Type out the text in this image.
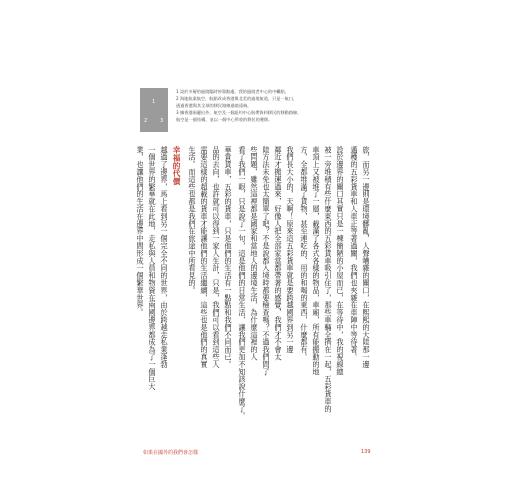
1
2	3
1 設於多層的過境臨時停靠點處，我的過境者中心的中繼點。
2 海地航業航空，航點改成香港與北美的過境航道，只是一航口，
通過香港與其全球的移民路線過境遠端，
3 據香港兩邊出外，航空及一個紐約中心航帶資料移民的移動路線，
航空是一個結構，並以一個中心所收的移民的遷移。
旅，而另一邊則是環境髒亂，人聲嘈雜的關口，在熙熙的大陸那一邊
邁穫的五彩貨車和人車正等著過關，我們也夾雜在車陣中等待著。
設於邊界的關口其實只是一棟簡陋的小屋而已，在等待中，我的視線總
被一旁堆積有些什麼東西的五彩貨車吸引住了，那些車輛全擠在一起，五彩貨車的
車頂上又被堆了一層，載滿了各式各樣的物品，車廂，所有能搬動的地
方，全都堆滿了貨物，甚至連吃的、用的和喝的東西，什麼都有。
我們長大小的，天啊！原來這五彩貨車就是要跨越國界到另一邊
鄰近才搬運過來，好像人把全部家當都帶著的感覺，我們才不會太
陸方法未免也太簡單了吧？不是說都入境時都要檢查嗎？不過我們問了
些問題，雖然這裡都是國家和當地人的邊境生活，為什麼這裡的人
看了我們一眼，只是說了一句，這是他們的日常生活，讓我們更加不知該說什麼了。
華貴貨車，五彩的貨車，只是他們的生活有一點點和我們不同而已。
品的去向，也許就可以得到一家人生計，只是，我們可以看到這些人
需要這樣的超載的貨車才能讓他們的生活繼續，這些也是他們的真實
生活。而這些也都是我們在旅途中所看見的。
幸福的代價
越過了邊界，馬上看到另一個完全不同的世界，由於跨越走私業蓬勃
一個世界的繁華就在此地，走私與人員和物資在兩國邊界都成為了一個巨大
業，也讓他們的生活在邊界中間形成一個繁華世界。
如果在國外的我們會怎樣	139
